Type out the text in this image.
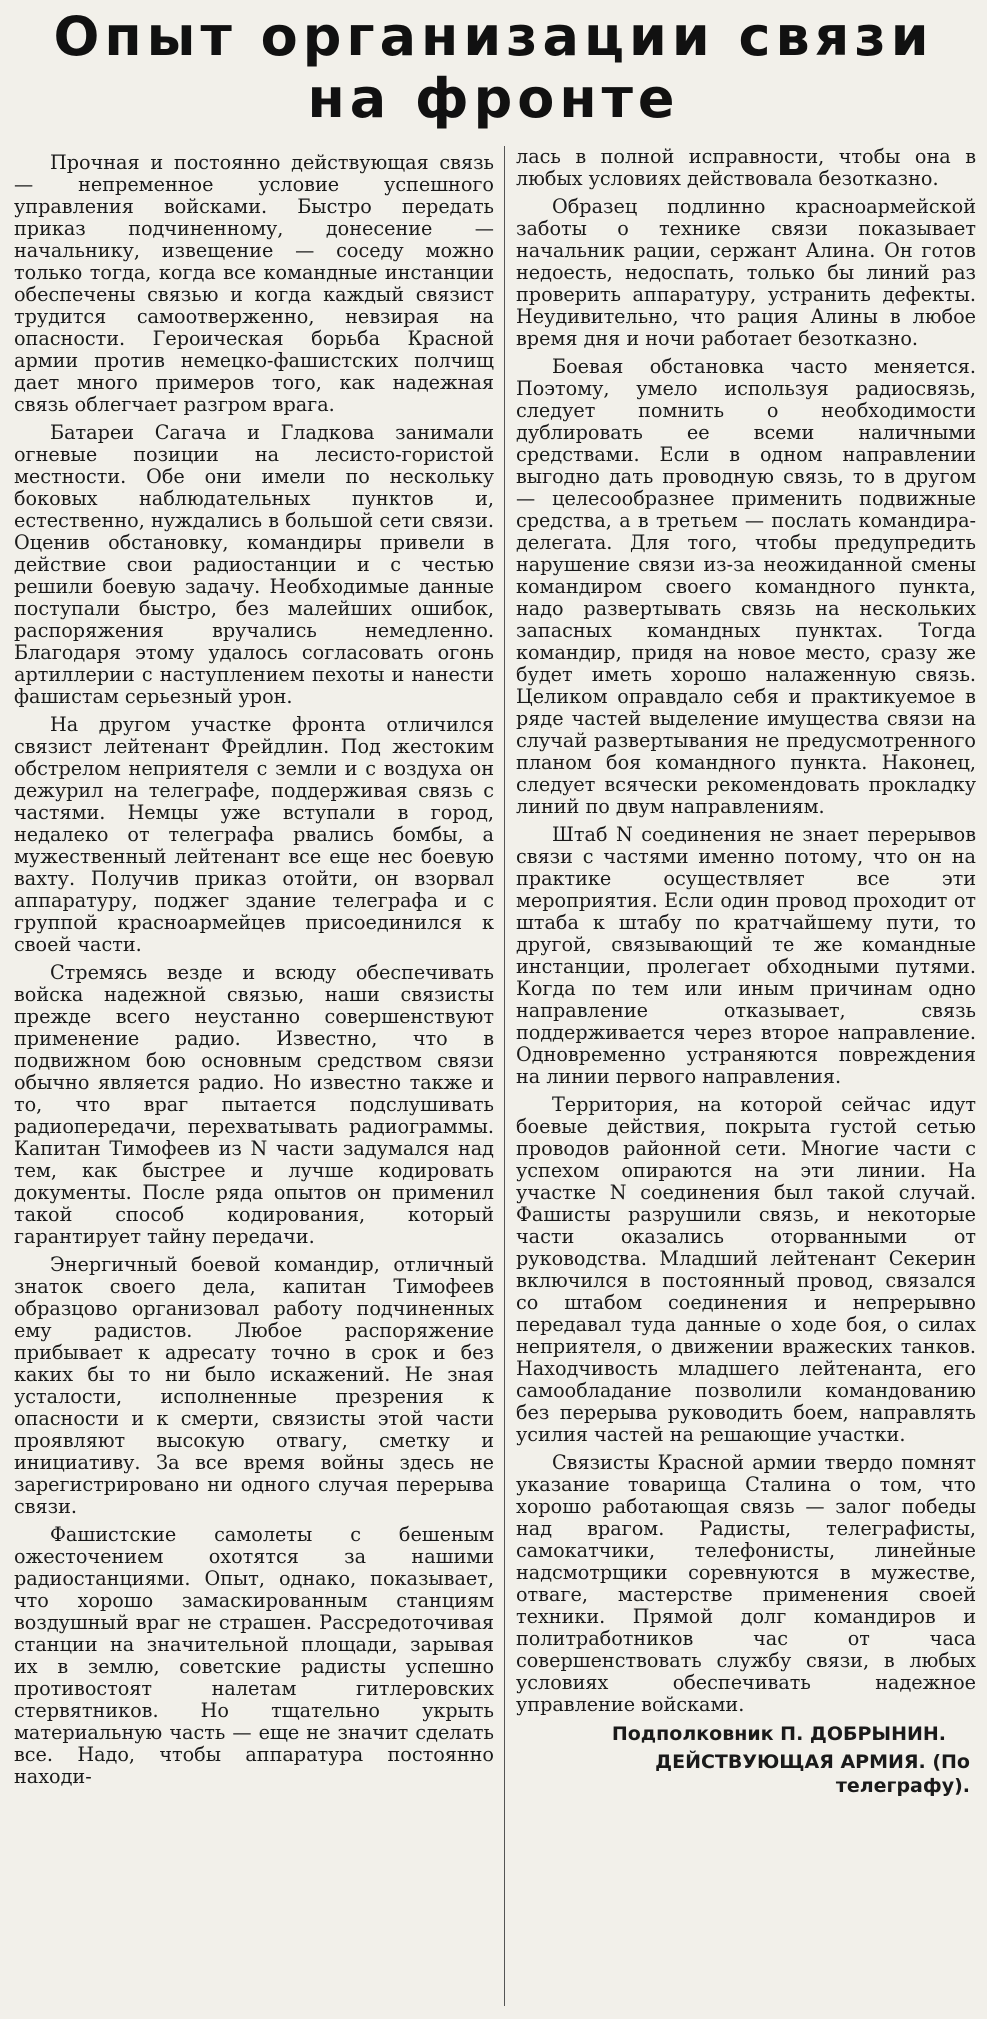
Опыт организации связи
на фронте

Прочная и постоянно действующая связь — непременное условие успешного управления войсками. Быстро передать приказ подчиненному, донесение — начальнику, извещение — соседу можно только тогда, когда все командные инстанции обеспечены связью и когда каждый связист трудится самоотверженно, невзирая на опасности. Героическая борьба Красной армии против немецко-фашистских полчищ дает много примеров того, как надежная связь облегчает разгром врага.

Батареи Сагача и Гладкова занимали огневые позиции на лесисто-гористой местности. Обе они имели по нескольку боковых наблюдательных пунктов и, естественно, нуждались в большой сети связи. Оценив обстановку, командиры привели в действие свои радиостанции и с честью решили боевую задачу. Необходимые данные поступали быстро, без малейших ошибок, распоряжения вручались немедленно. Благодаря этому удалось согласовать огонь артиллерии с наступлением пехоты и нанести фашистам серьезный урон.

На другом участке фронта отличился связист лейтенант Фрейдлин. Под жестоким обстрелом неприятеля с земли и с воздуха он дежурил на телеграфе, поддерживая связь с частями. Немцы уже вступали в город, недалеко от телеграфа рвались бомбы, а мужественный лейтенант все еще нес боевую вахту. Получив приказ отойти, он взорвал аппаратуру, поджег здание телеграфа и с группой красноармейцев присоединился к своей части.

Стремясь везде и всюду обеспечивать войска надежной связью, наши связисты прежде всего неустанно совершенствуют применение радио. Известно, что в подвижном бою основным средством связи обычно является радио. Но известно также и то, что враг пытается подслушивать радиопередачи, перехватывать радиограммы. Капитан Тимофеев из N части задумался над тем, как быстрее и лучше кодировать документы. После ряда опытов он применил такой способ кодирования, который гарантирует тайну передачи.

Энергичный боевой командир, отличный знаток своего дела, капитан Тимофеев образцово организовал работу подчиненных ему радистов. Любое распоряжение прибывает к адресату точно в срок и без каких бы то ни было искажений. Не зная усталости, исполненные презрения к опасности и к смерти, связисты этой части проявляют высокую отвагу, сметку и инициативу. За все время войны здесь не зарегистрировано ни одного случая перерыва связи.

Фашистские самолеты с бешеным ожесточением охотятся за нашими радиостанциями. Опыт, однако, показывает, что хорошо замаскированным станциям воздушный враг не страшен. Рассредоточивая станции на значительной площади, зарывая их в землю, советские радисты успешно противостоят налетам гитлеровских стервятников. Но тщательно укрыть материальную часть — еще не значит сделать все. Надо, чтобы аппаратура постоянно находи-

лась в полной исправности, чтобы она в любых условиях действовала безотказно.

Образец подлинно красноармейской заботы о технике связи показывает начальник рации, сержант Алина. Он готов недоесть, недоспать, только бы линий раз проверить аппаратуру, устранить дефекты. Неудивительно, что рация Алины в любое время дня и ночи работает безотказно.

Боевая обстановка часто меняется. Поэтому, умело используя радиосвязь, следует помнить о необходимости дублировать ее всеми наличными средствами. Если в одном направлении выгодно дать проводную связь, то в другом — целесообразнее применить подвижные средства, а в третьем — послать командира-делегата. Для того, чтобы предупредить нарушение связи из-за неожиданной смены командиром своего командного пункта, надо развертывать связь на нескольких запасных командных пунктах. Тогда командир, придя на новое место, сразу же будет иметь хорошо налаженную связь. Целиком оправдало себя и практикуемое в ряде частей выделение имущества связи на случай развертывания не предусмотренного планом боя командного пункта. Наконец, следует всячески рекомендовать прокладку линий по двум направлениям.

Штаб N соединения не знает перерывов связи с частями именно потому, что он на практике осуществляет все эти мероприятия. Если один провод проходит от штаба к штабу по кратчайшему пути, то другой, связывающий те же командные инстанции, пролегает обходными путями. Когда по тем или иным причинам одно направление отказывает, связь поддерживается через второе направление. Одновременно устраняются повреждения на линии первого направления.

Территория, на которой сейчас идут боевые действия, покрыта густой сетью проводов районной сети. Многие части с успехом опираются на эти линии. На участке N соединения был такой случай. Фашисты разрушили связь, и некоторые части оказались оторванными от руководства. Младший лейтенант Секерин включился в постоянный провод, связался со штабом соединения и непрерывно передавал туда данные о ходе боя, о силах неприятеля, о движении вражеских танков. Находчивость младшего лейтенанта, его самообладание позволили командованию без перерыва руководить боем, направлять усилия частей на решающие участки.

Связисты Красной армии твердо помнят указание товарища Сталина о том, что хорошо работающая связь — залог победы над врагом. Радисты, телеграфисты, самокатчики, телефонисты, линейные надсмотрщики соревнуются в мужестве, отваге, мастерстве применения своей техники. Прямой долг командиров и политработников час от часа совершенствовать службу связи, в любых условиях обеспечивать надежное управление войсками.

Подполковник П. ДОБРЫНИН.
ДЕЙСТВУЮЩАЯ АРМИЯ. (По телеграфу).
